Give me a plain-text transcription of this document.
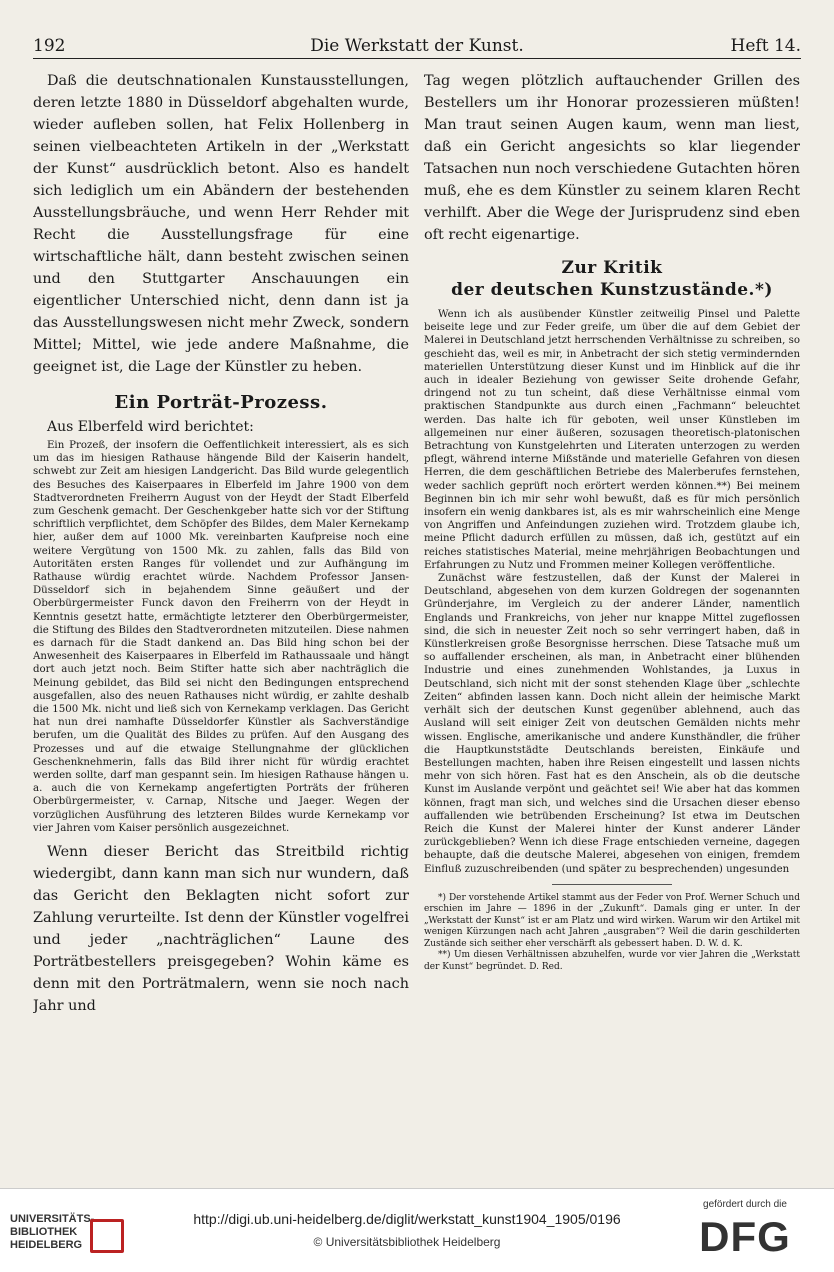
192	Die Werkstatt der Kunst.	Heft 14.

Daß die deutschnationalen Kunstausstellungen, deren letzte 1880 in Düsseldorf abgehalten wurde, wieder aufleben sollen, hat Felix Hollenberg in seinen vielbeachteten Artikeln in der „Werkstatt der Kunst“ ausdrücklich betont. Also es handelt sich lediglich um ein Abändern der bestehenden Ausstellungsbräuche, und wenn Herr Rehder mit Recht die Ausstellungsfrage für eine wirtschaftliche hält, dann besteht zwischen seinen und den Stuttgarter Anschauungen ein eigentlicher Unterschied nicht, denn dann ist ja das Ausstellungswesen nicht mehr Zweck, sondern Mittel; Mittel, wie jede andere Maßnahme, die geeignet ist, die Lage der Künstler zu heben.

Ein Porträt-Prozess.

Aus Elberfeld wird berichtet:

Ein Prozeß, der insofern die Oeffentlichkeit interessiert, als es sich um das im hiesigen Rathause hängende Bild der Kaiserin handelt, schwebt zur Zeit am hiesigen Landgericht. Das Bild wurde gelegentlich des Besuches des Kaiserpaares in Elberfeld im Jahre 1900 von dem Stadtverordneten Freiherrn August von der Heydt der Stadt Elberfeld zum Geschenk gemacht. Der Geschenkgeber hatte sich vor der Stiftung schriftlich verpflichtet, dem Schöpfer des Bildes, dem Maler Kernekamp hier, außer dem auf 1000 Mk. vereinbarten Kaufpreise noch eine weitere Vergütung von 1500 Mk. zu zahlen, falls das Bild von Autoritäten ersten Ranges für vollendet und zur Aufhängung im Rathause würdig erachtet würde. Nachdem Professor Jansen-Düsseldorf sich in bejahendem Sinne geäußert und der Oberbürgermeister Funck davon den Freiherrn von der Heydt in Kenntnis gesetzt hatte, ermächtigte letzterer den Oberbürgermeister, die Stiftung des Bildes den Stadtverordneten mitzuteilen. Diese nahmen es darnach für die Stadt dankend an. Das Bild hing schon bei der Anwesenheit des Kaiserpaares in Elberfeld im Rathaussaale und hängt dort auch jetzt noch. Beim Stifter hatte sich aber nachträglich die Meinung gebildet, das Bild sei nicht den Bedingungen entsprechend ausgefallen, also des neuen Rathauses nicht würdig, er zahlte deshalb die 1500 Mk. nicht und ließ sich von Kernekamp verklagen. Das Gericht hat nun drei namhafte Düsseldorfer Künstler als Sachverständige berufen, um die Qualität des Bildes zu prüfen. Auf den Ausgang des Prozesses und auf die etwaige Stellungnahme der glücklichen Geschenknehmerin, falls das Bild ihrer nicht für würdig erachtet werden sollte, darf man gespannt sein. Im hiesigen Rathause hängen u. a. auch die von Kernekamp angefertigten Porträts der früheren Oberbürgermeister, v. Carnap, Nitsche und Jaeger. Wegen der vorzüglichen Ausführung des letzteren Bildes wurde Kernekamp vor vier Jahren vom Kaiser persönlich ausgezeichnet.

Wenn dieser Bericht das Streitbild richtig wiedergibt, dann kann man sich nur wundern, daß das Gericht den Beklagten nicht sofort zur Zahlung verurteilte. Ist denn der Künstler vogelfrei und jeder „nachträglichen“ Laune des Porträtbestellers preisgegeben? Wohin käme es denn mit den Porträtmalern, wenn sie noch nach Jahr und

Tag wegen plötzlich auftauchender Grillen des Bestellers um ihr Honorar prozessieren müßten! Man traut seinen Augen kaum, wenn man liest, daß ein Gericht angesichts so klar liegender Tatsachen nun noch verschiedene Gutachten hören muß, ehe es dem Künstler zu seinem klaren Recht verhilft. Aber die Wege der Jurisprudenz sind eben oft recht eigenartige.

Zur Kritik
der deutschen Kunstzustände.*)

Wenn ich als ausübender Künstler zeitweilig Pinsel und Palette beiseite lege und zur Feder greife, um über die auf dem Gebiet der Malerei in Deutschland jetzt herrschenden Verhältnisse zu schreiben, so geschieht das, weil es mir, in Anbetracht der sich stetig vermindernden materiellen Unterstützung dieser Kunst und im Hinblick auf die ihr auch in idealer Beziehung von gewisser Seite drohende Gefahr, dringend not zu tun scheint, daß diese Verhältnisse einmal vom praktischen Standpunkte aus durch einen „Fachmann“ beleuchtet werden. Das halte ich für geboten, weil unser Künstleben im allgemeinen nur einer äußeren, sozusagen theoretisch-platonischen Betrachtung von Kunstgelehrten und Literaten unterzogen zu werden pflegt, während interne Mißstände und materielle Gefahren von diesen Herren, die dem geschäftlichen Betriebe des Malerberufes fernstehen, weder sachlich geprüft noch erörtert werden können.**) Bei meinem Beginnen bin ich mir sehr wohl bewußt, daß es für mich persönlich insofern ein wenig dankbares ist, als es mir wahrscheinlich eine Menge von Angriffen und Anfeindungen zuziehen wird. Trotzdem glaube ich, meine Pflicht dadurch erfüllen zu müssen, daß ich, gestützt auf ein reiches statistisches Material, meine mehrjährigen Beobachtungen und Erfahrungen zu Nutz und Frommen meiner Kollegen veröffentliche.

Zunächst wäre festzustellen, daß der Kunst der Malerei in Deutschland, abgesehen von dem kurzen Goldregen der sogenannten Gründerjahre, im Vergleich zu der anderer Länder, namentlich Englands und Frankreichs, von jeher nur knappe Mittel zugeflossen sind, die sich in neuester Zeit noch so sehr verringert haben, daß in Künstlerkreisen große Besorgnisse herrschen. Diese Tatsache muß um so auffallender erscheinen, als man, in Anbetracht einer blühenden Industrie und eines zunehmenden Wohlstandes, ja Luxus in Deutschland, sich nicht mit der sonst stehenden Klage über „schlechte Zeiten“ abfinden lassen kann. Doch nicht allein der heimische Markt verhält sich der deutschen Kunst gegenüber ablehnend, auch das Ausland will seit einiger Zeit von deutschen Gemälden nichts mehr wissen. Englische, amerikanische und andere Kunsthändler, die früher die Hauptkunststädte Deutschlands bereisten, Einkäufe und Bestellungen machten, haben ihre Reisen eingestellt und lassen nichts mehr von sich hören. Fast hat es den Anschein, als ob die deutsche Kunst im Auslande verpönt und geächtet sei! Wie aber hat das kommen können, fragt man sich, und welches sind die Ursachen dieser ebenso auffallenden wie betrübenden Erscheinung? Ist etwa im Deutschen Reich die Kunst der Malerei hinter der Kunst anderer Länder zurückgeblieben? Wenn ich diese Frage entschieden verneine, dagegen behaupte, daß die deutsche Malerei, abgesehen von einigen, fremdem Einfluß zuzuschreibenden (und später zu besprechenden) ungesunden

*) Der vorstehende Artikel stammt aus der Feder von Prof. Werner Schuch und erschien im Jahre — 1896 in der „Zukunft“. Damals ging er unter. In der „Werkstatt der Kunst“ ist er am Platz und wird wirken. Warum wir den Artikel mit wenigen Kürzungen nach acht Jahren „ausgraben“? Weil die darin geschilderten Zustände sich seither eher verschärft als gebessert haben. D. W. d. K.

**) Um diesen Verhältnissen abzuhelfen, wurde vor vier Jahren die „Werkstatt der Kunst“ begründet. D. Red.

UNIVERSITÄTS-
BIBLIOTHEK
HEIDELBERG
http://digi.ub.uni-heidelberg.de/diglit/werkstatt_kunst1904_1905/0196
© Universitätsbibliothek Heidelberg
gefördert durch die
DFG
